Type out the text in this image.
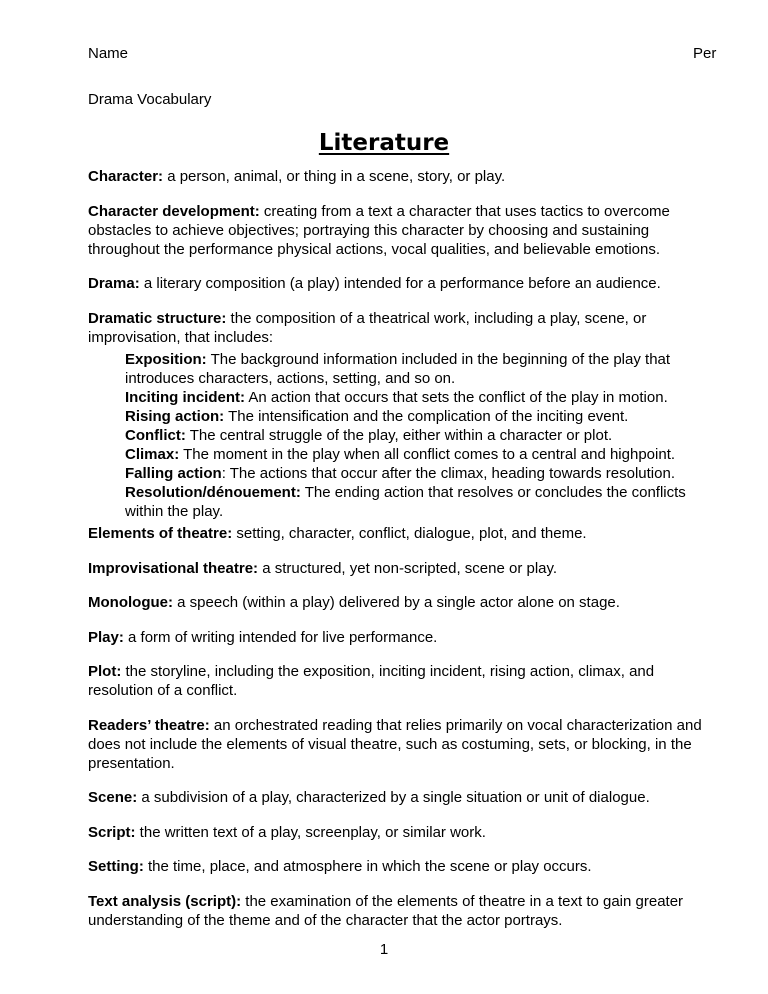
Name	Per
Drama Vocabulary
Literature
Character: a person, animal, or thing in a scene, story, or play.
Character development: creating from a text a character that uses tactics to overcome obstacles to achieve objectives; portraying this character by choosing and sustaining throughout the performance physical actions, vocal qualities, and believable emotions.
Drama: a literary composition (a play) intended for a performance before an audience.
Dramatic structure: the composition of a theatrical work, including a play, scene, or improvisation, that includes:
Exposition: The background information included in the beginning of the play that introduces characters, actions, setting, and so on.
Inciting incident: An action that occurs that sets the conflict of the play in motion.
Rising action: The intensification and the complication of the inciting event.
Conflict: The central struggle of the play, either within a character or plot.
Climax: The moment in the play when all conflict comes to a central and highpoint.
Falling action: The actions that occur after the climax, heading towards resolution.
Resolution/dénouement: The ending action that resolves or concludes the conflicts within the play.
Elements of theatre: setting, character, conflict, dialogue, plot, and theme.
Improvisational theatre: a structured, yet non-scripted, scene or play.
Monologue: a speech (within a play) delivered by a single actor alone on stage.
Play: a form of writing intended for live performance.
Plot: the storyline, including the exposition, inciting incident, rising action, climax, and resolution of a conflict.
Readers’ theatre: an orchestrated reading that relies primarily on vocal characterization and does not include the elements of visual theatre, such as costuming, sets, or blocking, in the presentation.
Scene: a subdivision of a play, characterized by a single situation or unit of dialogue.
Script: the written text of a play, screenplay, or similar work.
Setting: the time, place, and atmosphere in which the scene or play occurs.
Text analysis (script): the examination of the elements of theatre in a text to gain greater understanding of the theme and of the character that the actor portrays.
1
